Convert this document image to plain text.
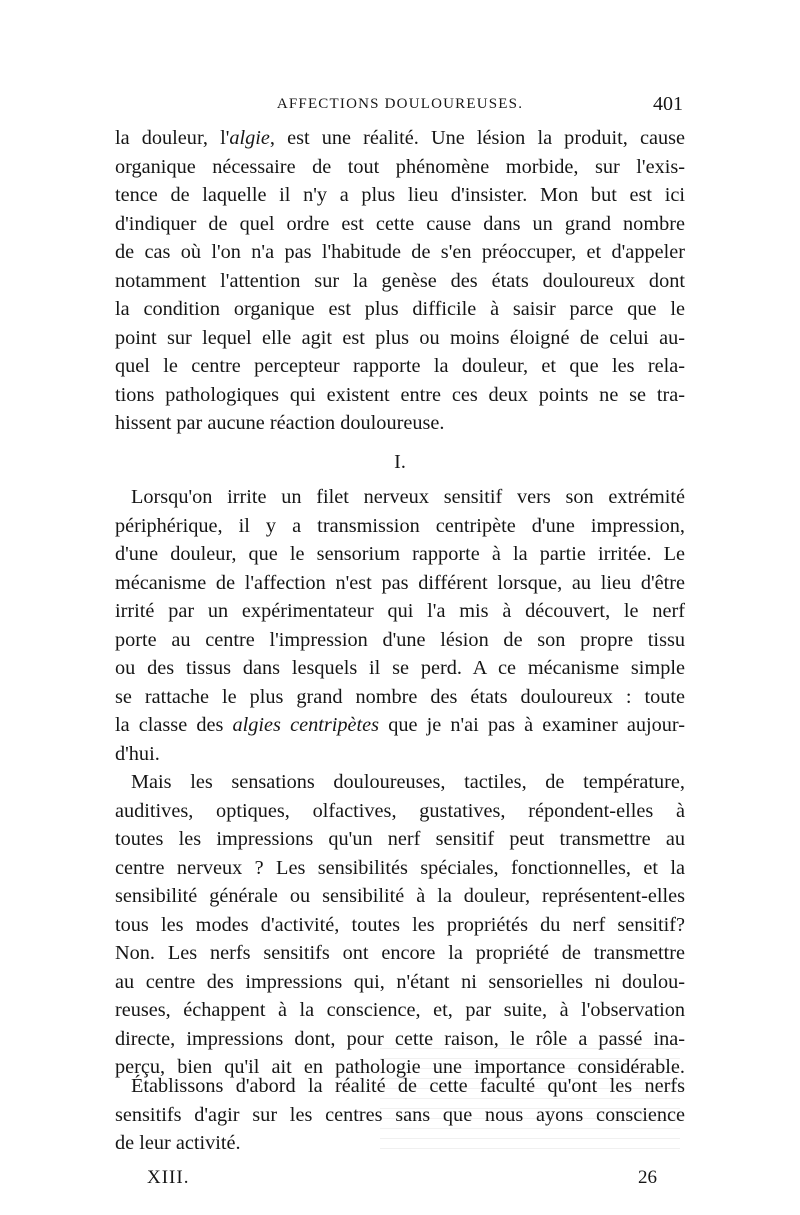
AFFECTIONS DOULOUREUSES.	401
la douleur, l'algie, est une réalité. Une lésion la produit, cause
organique nécessaire de tout phénomène morbide, sur l'exis-
tence de laquelle il n'y a plus lieu d'insister. Mon but est ici
d'indiquer de quel ordre est cette cause dans un grand nombre
de cas où l'on n'a pas l'habitude de s'en préoccuper, et d'appeler
notamment l'attention sur la genèse des états douloureux dont
la condition organique est plus difficile à saisir parce que le
point sur lequel elle agit est plus ou moins éloigné de celui au-
quel le centre percepteur rapporte la douleur, et que les rela-
tions pathologiques qui existent entre ces deux points ne se tra-
hissent par aucune réaction douloureuse.
I.
Lorsqu'on irrite un filet nerveux sensitif vers son extrémité
périphérique, il y a transmission centripète d'une impression,
d'une douleur, que le sensorium rapporte à la partie irritée. Le
mécanisme de l'affection n'est pas différent lorsque, au lieu d'être
irrité par un expérimentateur qui l'a mis à découvert, le nerf
porte au centre l'impression d'une lésion de son propre tissu
ou des tissus dans lesquels il se perd. A ce mécanisme simple
se rattache le plus grand nombre des états douloureux : toute
la classe des algies centripètes que je n'ai pas à examiner aujour-
d'hui.
Mais les sensations douloureuses, tactiles, de température,
auditives, optiques, olfactives, gustatives, répondent-elles à
toutes les impressions qu'un nerf sensitif peut transmettre au
centre nerveux ? Les sensibilités spéciales, fonctionnelles, et la
sensibilité générale ou sensibilité à la douleur, représentent-elles
tous les modes d'activité, toutes les propriétés du nerf sensitif?
Non. Les nerfs sensitifs ont encore la propriété de transmettre
au centre des impressions qui, n'étant ni sensorielles ni doulou-
reuses, échappent à la conscience, et, par suite, à l'observation
directe, impressions dont, pour cette raison, le rôle a passé ina-
perçu, bien qu'il ait en pathologie une importance considérable.
Établissons d'abord la réalité de cette faculté qu'ont les nerfs
sensitifs d'agir sur les centres sans que nous ayons conscience
de leur activité.
XIII.	26
